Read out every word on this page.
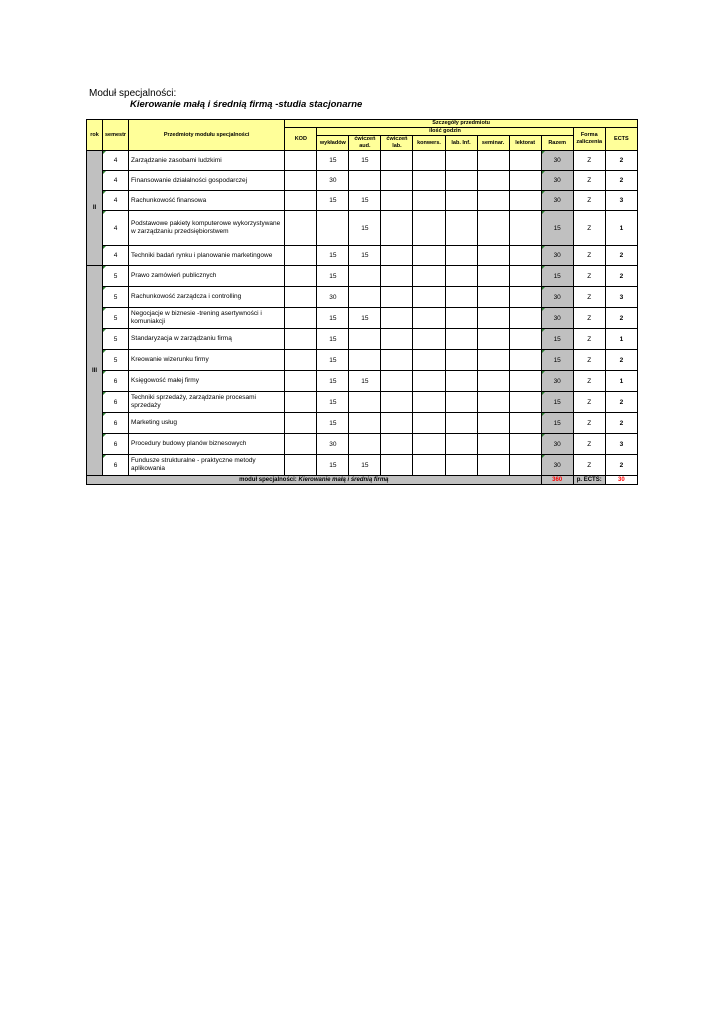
Moduł specjalności:
Kierowanie małą i średnią firmą -studia stacjonarne
rok	semestr	Przedmioty modułu specjalności	Szczegóły przedmiotu										
			KOD	ilość godzin								Forma zaliczenia	ECTS
				wykładów	ćwiczeń aud.	ćwiczeń lab.	konwers.	lab. Inf.	seminar.	lektorat	Razem		
II	4	Zarządzanie zasobami ludzkimi		15	15						30	Z	2
	4	Finansowanie działalności gospodarczej		30							30	Z	2
	4	Rachunkowość finansowa		15	15						30	Z	3
	4	Podstawowe pakiety komputerowe wykorzystywane w zarządzaniu przedsiębiorstwem			15						15	Z	1
	4	Techniki badań rynku i planowanie marketingowe		15	15						30	Z	2
III	5	Prawo zamówień publicznych		15							15	Z	2
	5	Rachunkowość zarządcza i controlling		30							30	Z	3
	5	Negocjacje w biznesie -trening asertywności i komuniakcji		15	15						30	Z	2
	5	Standaryzacja w zarządzaniu firmą		15							15	Z	1
	5	Kreowanie wizerunku firmy		15							15	Z	2
	6	Księgowość małej firmy		15	15						30	Z	1
	6	Techniki sprzedaży, zarządzanie procesami sprzedaży		15							15	Z	2
	6	Marketing usług		15							15	Z	2
	6	Procedury budowy planów biznesowych		30							30	Z	3
	6	Fundusze strukturalne - praktyczne metody aplikowania		15	15						30	Z	2
moduł specjalności: Kierowanie małą i średnią firmą											360	p. ECTS:	30
